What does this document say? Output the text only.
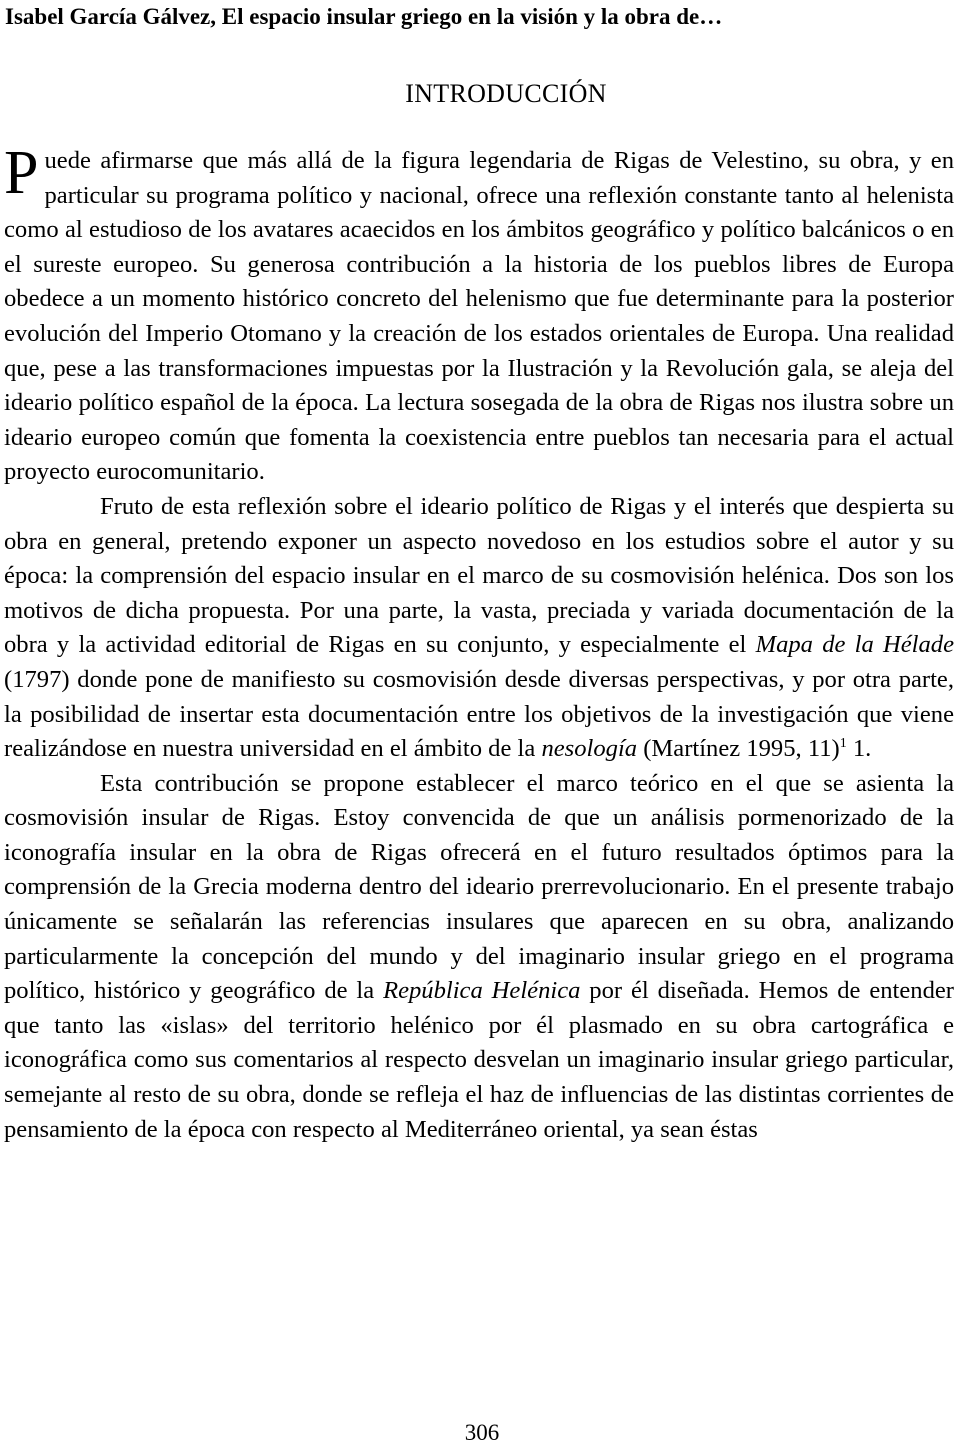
Isabel García Gálvez, El espacio insular griego en la visión y la obra de…
INTRODUCCIÓN

Puede afirmarse que más allá de la figura legendaria de Rigas de Velestino, su obra, y en particular su programa político y nacional, ofrece una reflexión constante tanto al helenista como al estudioso de los avatares acaecidos en los ámbitos geográfico y político balcánicos o en el sureste europeo. Su generosa contribución a la historia de los pueblos libres de Europa obedece a un momento histórico concreto del helenismo que fue determinante para la posterior evolución del Imperio Otomano y la creación de los estados orientales de Europa. Una realidad que, pese a las transformaciones impuestas por la Ilustración y la Revolución gala, se aleja del ideario político español de la época. La lectura sosegada de la obra de Rigas nos ilustra sobre un ideario europeo común que fomenta la coexistencia entre pueblos tan necesaria para el actual proyecto eurocomunitario.

Fruto de esta reflexión sobre el ideario político de Rigas y el interés que despierta su obra en general, pretendo exponer un aspecto novedoso en los estudios sobre el autor y su época: la comprensión del espacio insular en el marco de su cosmovisión helénica. Dos son los motivos de dicha propuesta. Por una parte, la vasta, preciada y variada documentación de la obra y la actividad editorial de Rigas en su conjunto, y especialmente el Mapa de la Hélade (1797) donde pone de manifiesto su cosmovisión desde diversas perspectivas, y por otra parte, la posibilidad de insertar esta documentación entre los objetivos de la investigación que viene realizándose en nuestra universidad en el ámbito de la nesología (Martínez 1995, 11)$^1$ 1.

Esta contribución se propone establecer el marco teórico en el que se asienta la cosmovisión insular de Rigas. Estoy convencida de que un análisis pormenorizado de la iconografía insular en la obra de Rigas ofrecerá en el futuro resultados óptimos para la comprensión de la Grecia moderna dentro del ideario prerrevolucionario. En el presente trabajo únicamente se señalarán las referencias insulares que aparecen en su obra, analizando particularmente la concepción del mundo y del imaginario insular griego en el programa político, histórico y geográfico de la República Helénica por él diseñada. Hemos de entender que tanto las «islas» del territorio helénico por él plasmado en su obra cartográfica e iconográfica como sus comentarios al respecto desvelan un imaginario insular griego particular, semejante al resto de su obra, donde se refleja el haz de influencias de las distintas corrientes de pensamiento de la época con respecto al Mediterráneo oriental, ya sean éstas

306
